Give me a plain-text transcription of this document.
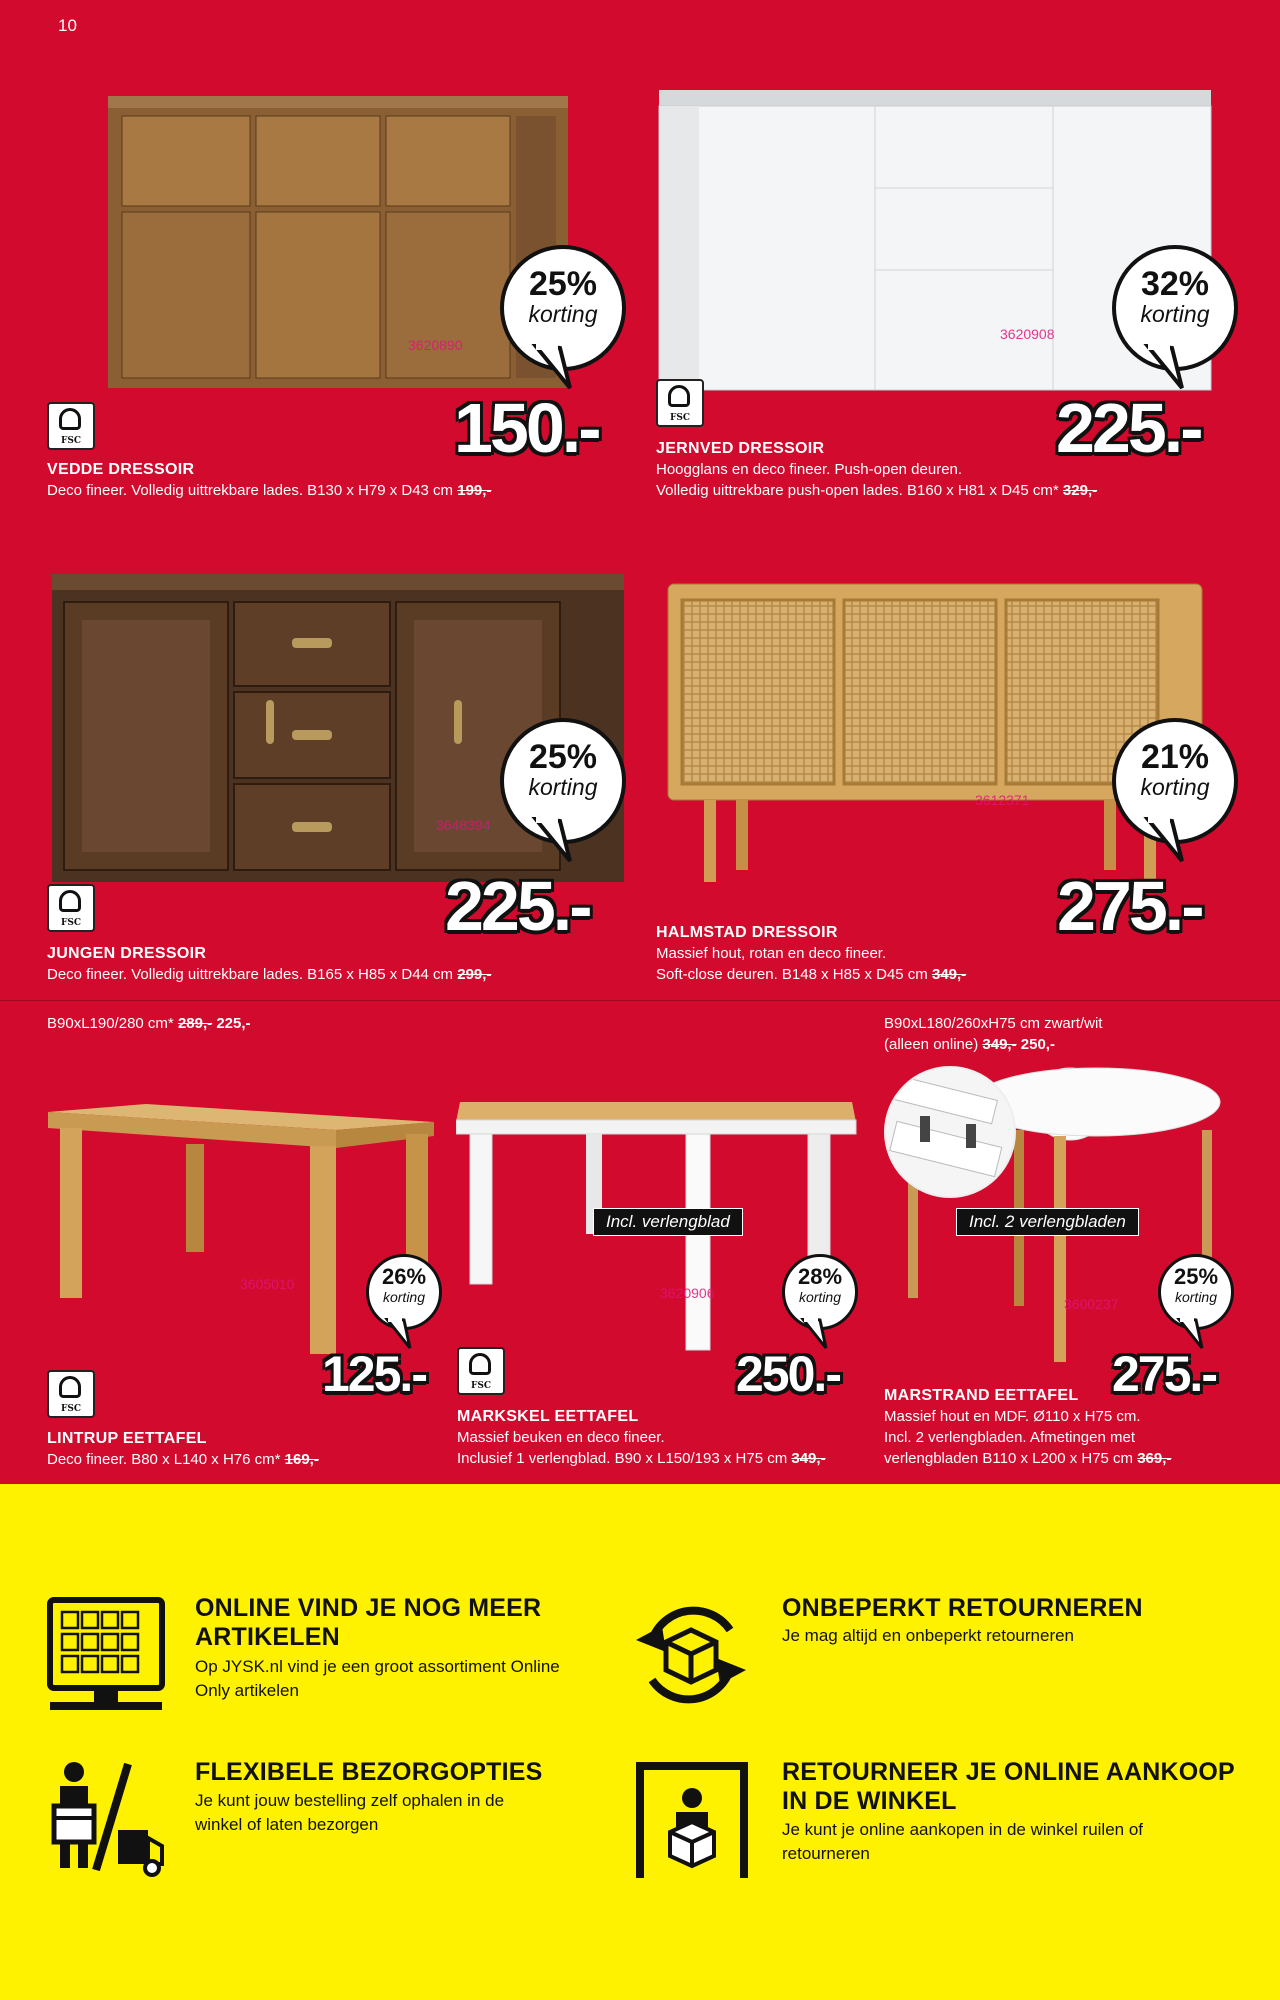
10
3620890
25%
korting
150.-
FSC
VEDDE DRESSOIR
Deco fineer. Volledig uittrekbare lades. B130 x H79 x D43 cm 199,-
3620908
32%
korting
225.-
FSC
JERNVED DRESSOIR
Hoogglans en deco fineer. Push-open deuren.
Volledig uittrekbare push-open lades. B160 x H81 x D45 cm* 329,-
3648394
25%
korting
225.-
FSC
JUNGEN DRESSOIR
Deco fineer. Volledig uittrekbare lades. B165 x H85 x D44 cm 299,-
3612371
21%
korting
275.-
HALMSTAD DRESSOIR
Massief hout, rotan en deco fineer.
Soft-close deuren. B148 x H85 x D45 cm 349,-
B90xL190/280 cm* 289,- 225,-
3605010	26%
korting
125.-
FSC
LINTRUP EETTAFEL
Deco fineer. B80 x L140 x H76 cm* 169,-
Incl. verlengblad
3620906
28%
korting
250.-
FSC
MARKSKEL EETTAFEL
Massief beuken en deco fineer.
Inclusief 1 verlengblad. B90 x L150/193 x H75 cm 349,-
B90xL180/260xH75 cm zwart/wit
(alleen online) 349,- 250,-
Incl. 2 verlengbladen
3600237
25%
korting
275.-
MARSTRAND EETTAFEL
Massief hout en MDF. Ø110 x H75 cm.
Incl. 2 verlengbladen. Afmetingen met
verlengbladen B110 x L200 x H75 cm 369,-
ONLINE VIND JE NOG MEER ARTIKELEN
Op JYSK.nl vind je een groot assortiment Online Only artikelen
ONBEPERKT RETOURNEREN
Je mag altijd en onbeperkt retourneren
FLEXIBELE BEZORGOPTIES
Je kunt jouw bestelling zelf ophalen in de winkel of laten bezorgen
RETOURNEER JE ONLINE AANKOOP IN DE WINKEL
Je kunt je online aankopen in de winkel ruilen of retourneren
